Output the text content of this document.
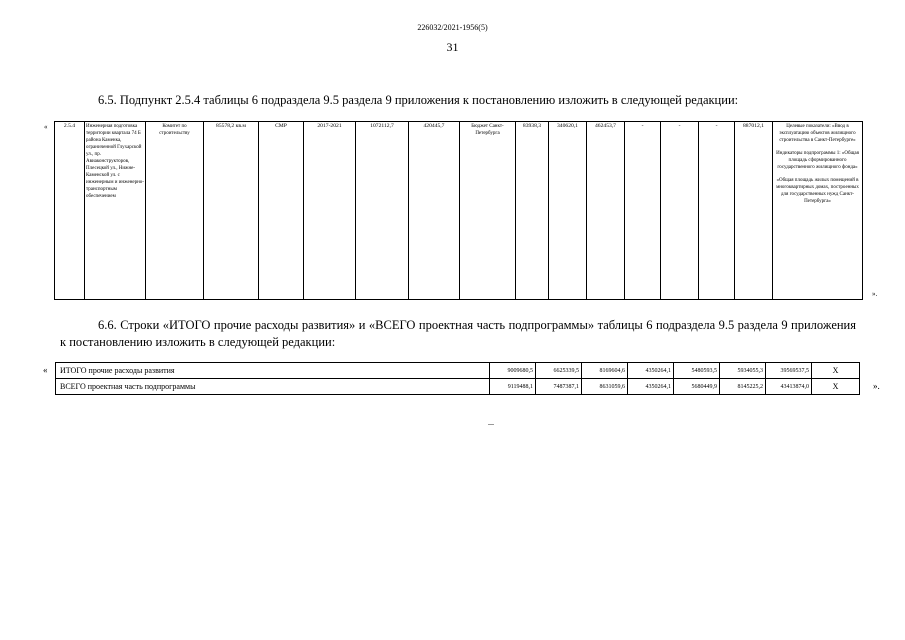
226032/2021-1956(5)
31
6.5. Подпункт 2.5.4 таблицы 6 подраздела 9.5 раздела 9 приложения к постановлению изложить в следующей редакции:
«	2.5.4	Инженерная подготовка территории квартала 74 Б района Каменка, ограниченной Глухарской ул., пр. Авиаконструкторов, Плесецкой ул., Нижне-Каменской ул. с инженерным и инженерно-транспортным обеспечением	Комитет по строительству	85578,2 кв.м	СМР	2017-2021	1072112,7	420445,7	Бюджет Санкт-Петербурга	83938,3	340620,1	462453,7	-	-	-	887012,1	Целевые показатели: «Ввод в эксплуатацию объектов жилищного строительства в Санкт-Петербурге»
Индикаторы подпрограммы 1: «Общая площадь сформированного государственного жилищного фонда»
«Общая площадь жилых помещений в многоквартирных домах, построенных для государственных нужд Санкт-Петербурга»
».
6.6. Строки «ИТОГО прочие расходы развития» и «ВСЕГО проектная часть подпрограммы» таблицы 6 подраздела 9.5 раздела 9 приложения к постановлению изложить в следующей редакции:
« ИТОГО прочие расходы развития	9009680,5	6625339,5	8169604,6	4350264,1	5480593,5	5934055,3	39569537,5	X
ВСЕГО проектная часть подпрограммы	9119488,1	7487387,1	8631059,6	4350264,1	5680449,9	8145225,2	43413874,0	X	».
